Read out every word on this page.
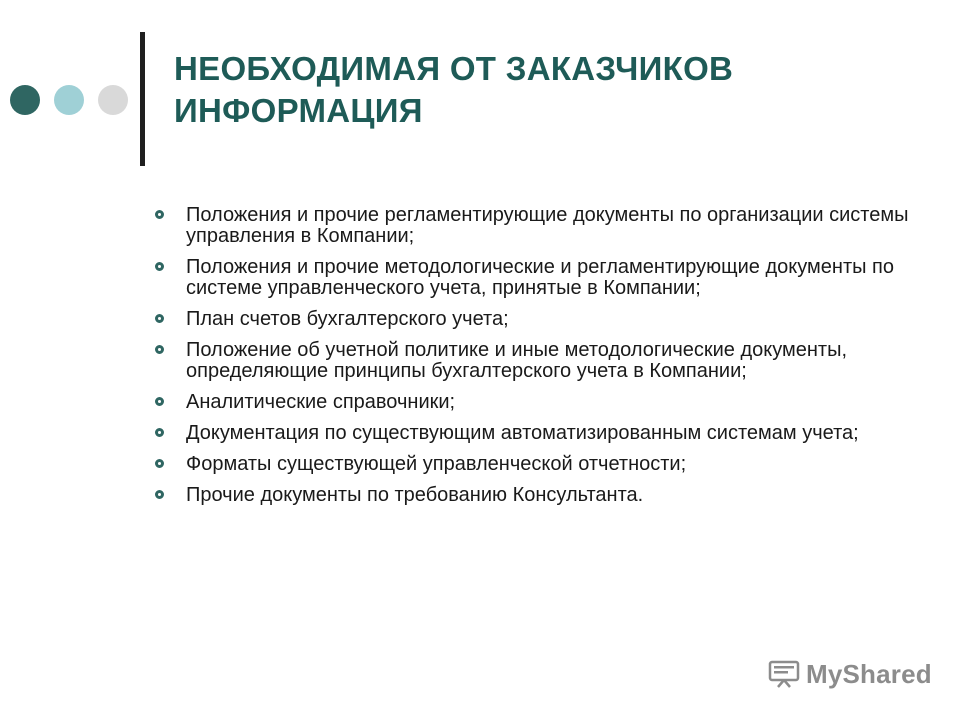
НЕОБХОДИМАЯ ОТ ЗАКАЗЧИКОВ
ИНФОРМАЦИЯ
Положения и прочие регламентирующие документы по организации системы управления в Компании;
Положения и прочие методологические и регламентирующие документы по системе управленческого учета, принятые в Компании;
План счетов бухгалтерского учета;
Положение об учетной политике и иные методологические документы, определяющие принципы бухгалтерского учета в Компании;
Аналитические справочники;
Документация по существующим автоматизированным системам учета;
Форматы существующей управленческой отчетности;
Прочие документы по требованию Консультанта.
MyShared
